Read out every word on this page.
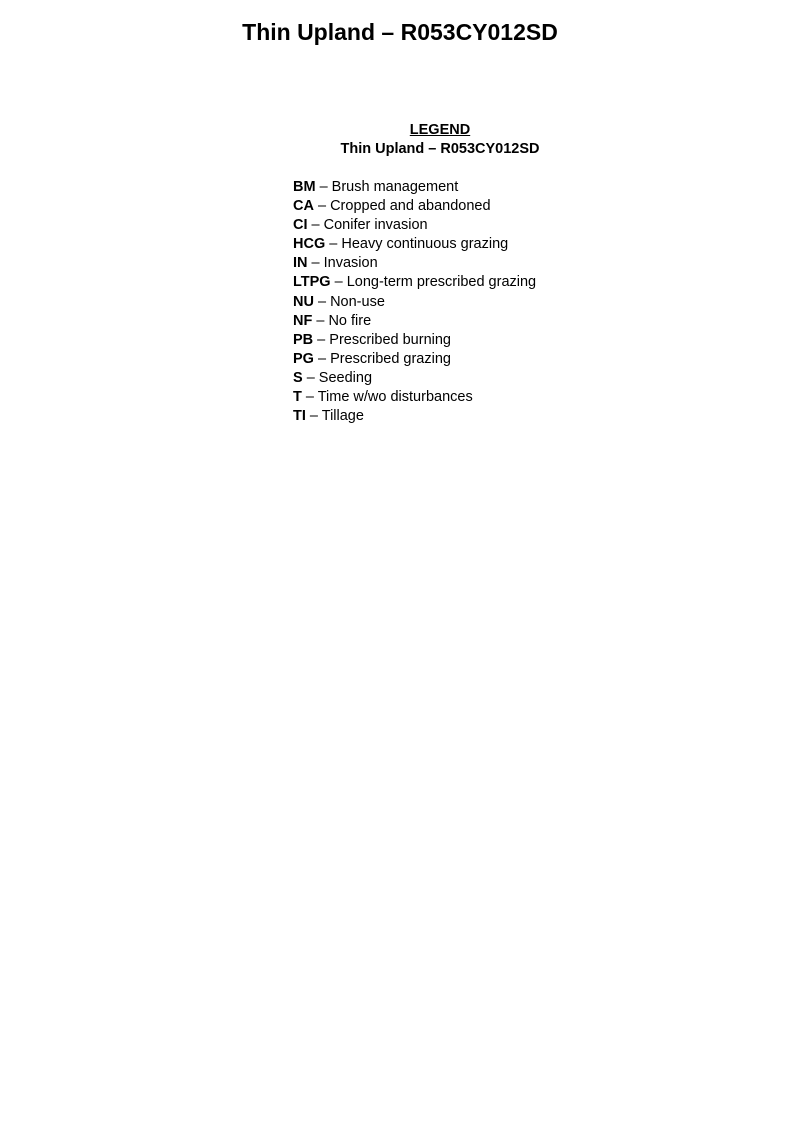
Thin Upland – R053CY012SD
LEGEND
Thin Upland – R053CY012SD
BM – Brush management
CA – Cropped and abandoned
CI – Conifer invasion
HCG – Heavy continuous grazing
IN – Invasion
LTPG – Long-term prescribed grazing
NU – Non-use
NF – No fire
PB – Prescribed burning
PG – Prescribed grazing
S – Seeding
T – Time w/wo disturbances
TI – Tillage
